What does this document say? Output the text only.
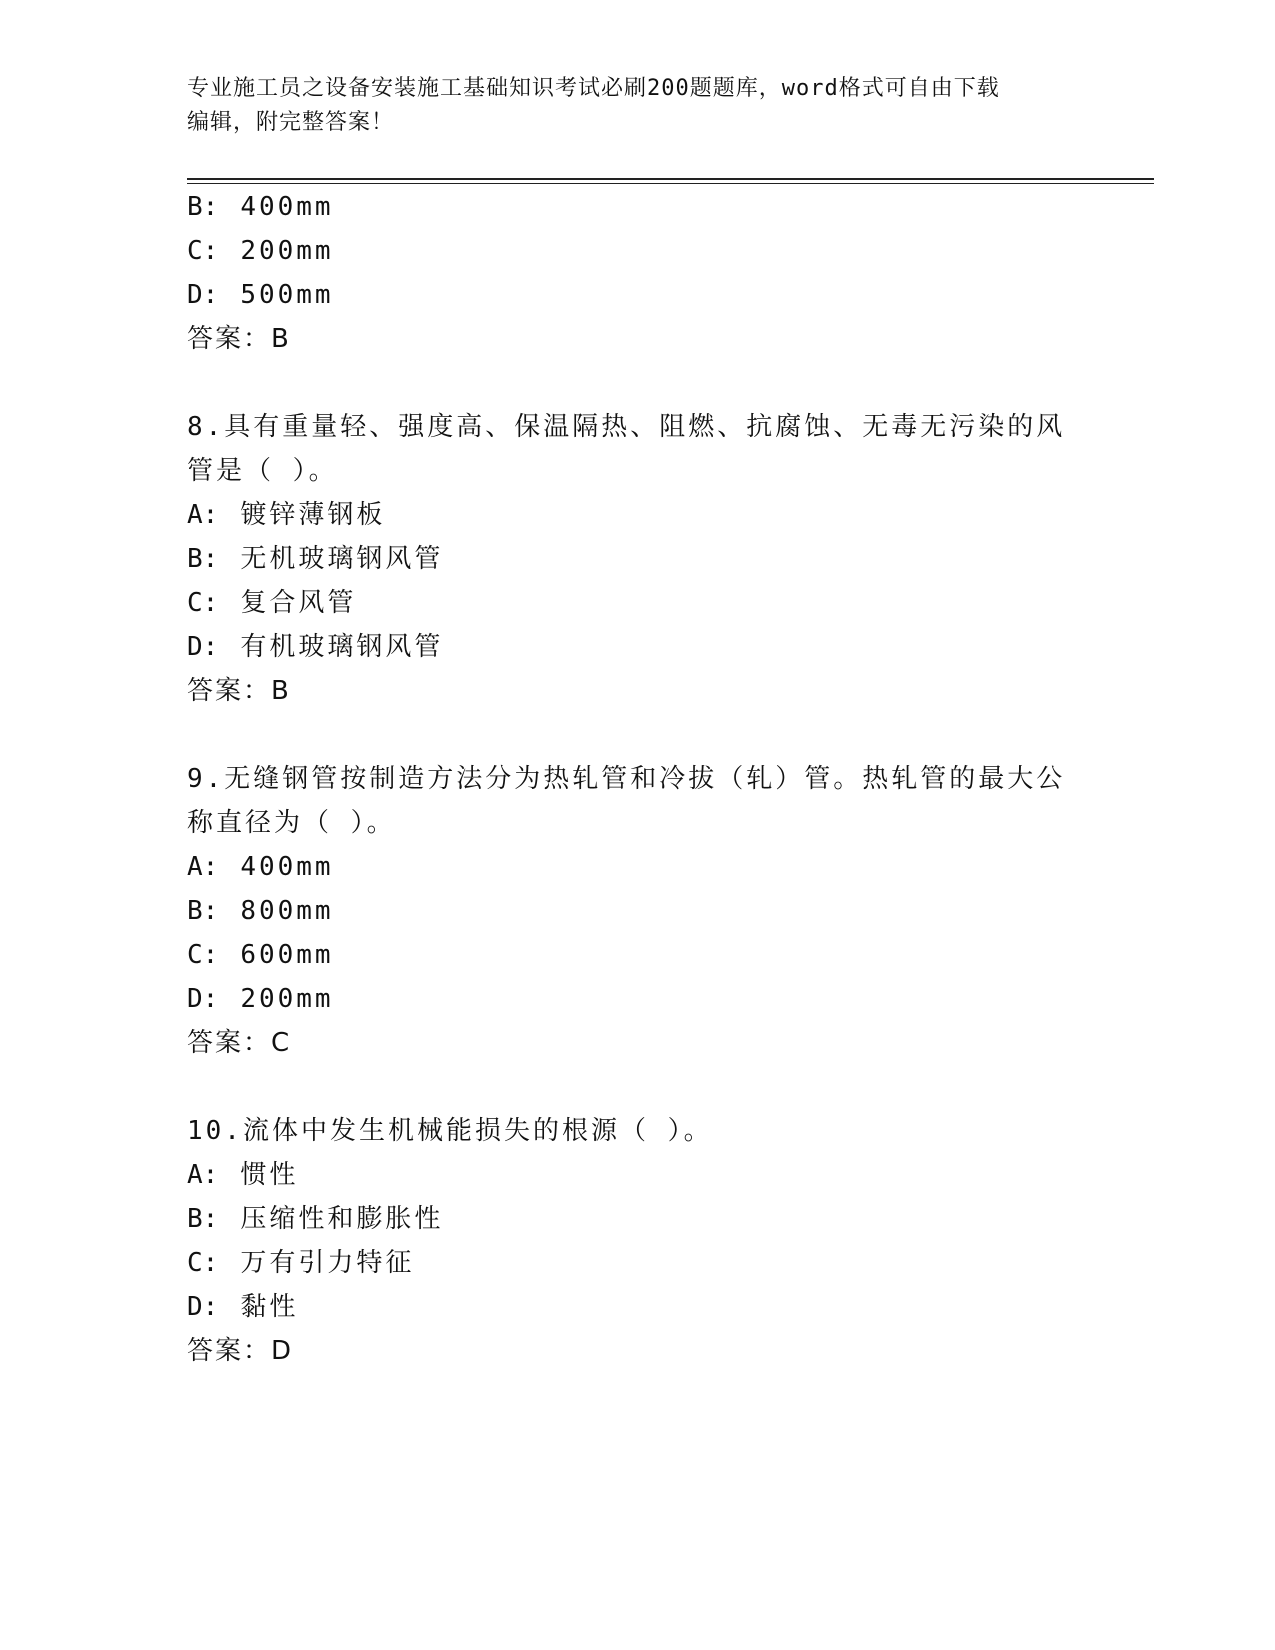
专业施工员之设备安装施工基础知识考试必刷200题题库，word格式可自由下载
编辑，附完整答案！
B: 400mm
C: 200mm
D: 500mm
答案：B
8.具有重量轻、强度高、保温隔热、阻燃、抗腐蚀、无毒无污染的风
管是（ ）。
A: 镀锌薄钢板
B: 无机玻璃钢风管
C: 复合风管
D: 有机玻璃钢风管
答案：B
9.无缝钢管按制造方法分为热轧管和冷拔（轧）管。热轧管的最大公
称直径为（ ）。
A: 400mm
B: 800mm
C: 600mm
D: 200mm
答案：C
10.流体中发生机械能损失的根源（ ）。
A: 惯性
B: 压缩性和膨胀性
C: 万有引力特征
D: 黏性
答案：D
